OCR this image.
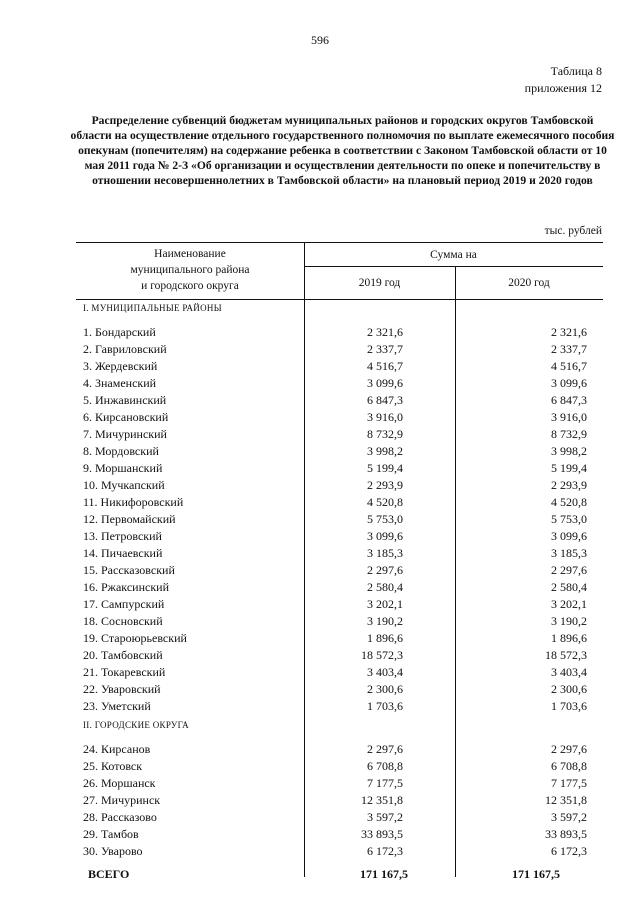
596
Таблица 8
приложения 12
Распределение субвенций бюджетам муниципальных районов и городских округов Тамбовской области на осуществление отдельного государственного полномочия по выплате ежемесячного пособия опекунам (попечителям) на содержание ребенка в соответствии с Законом Тамбовской области от 10 мая 2011 года № 2-З «Об организации и осуществлении деятельности по опеке и попечительству в отношении несовершеннолетних в Тамбовской области» на плановый период 2019 и 2020 годов
тыс. рублей
Наименование
муниципального района
и городского округа
Сумма на
2019 год	2020 год
I. МУНИЦИПАЛЬНЫЕ РАЙОНЫ
1. Бондарский	2 321,6	2 321,6
2. Гавриловский	2 337,7	2 337,7
3. Жердевский	4 516,7	4 516,7
4. Знаменский	3 099,6	3 099,6
5. Инжавинский	6 847,3	6 847,3
6. Кирсановский	3 916,0	3 916,0
7. Мичуринский	8 732,9	8 732,9
8. Мордовский	3 998,2	3 998,2
9. Моршанский	5 199,4	5 199,4
10. Мучкапский	2 293,9	2 293,9
11. Никифоровский	4 520,8	4 520,8
12. Первомайский	5 753,0	5 753,0
13. Петровский	3 099,6	3 099,6
14. Пичаевский	3 185,3	3 185,3
15. Рассказовский	2 297,6	2 297,6
16. Ржаксинский	2 580,4	2 580,4
17. Сампурский	3 202,1	3 202,1
18. Сосновский	3 190,2	3 190,2
19. Староюрьевский	1 896,6	1 896,6
20. Тамбовский	18 572,3	18 572,3
21. Токаревский	3 403,4	3 403,4
22. Уваровский	2 300,6	2 300,6
23. Уметский	1 703,6	1 703,6
II. ГОРОДСКИЕ ОКРУГА
24. Кирсанов	2 297,6	2 297,6
25. Котовск	6 708,8	6 708,8
26. Моршанск	7 177,5	7 177,5
27. Мичуринск	12 351,8	12 351,8
28. Рассказово	3 597,2	3 597,2
29. Тамбов	33 893,5	33 893,5
30. Уварово	6 172,3	6 172,3
ВСЕГО	171 167,5	171 167,5
